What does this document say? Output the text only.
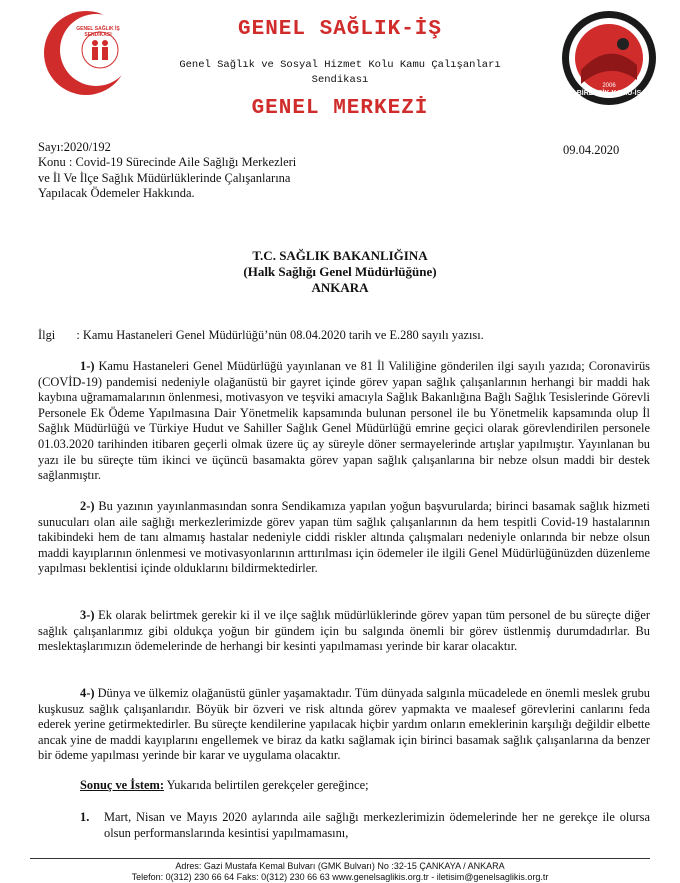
GENEL SAĞLIK İŞ SENDİKASI	GENEL SAĞLIK-İŞ
Genel Sağlık ve Sosyal Hizmet Kolu Kamu Çalışanları Sendikası
GENEL MERKEZİ
2006
BİRLEŞİK KAMU-İŞ
Sayı:2020/192	09.04.2020
Konu : Covid-19 Sürecinde Aile Sağlığı Merkezleri
ve İl Ve İlçe Sağlık Müdürlüklerinde Çalışanlarına
Yapılacak Ödemeler Hakkında.
T.C. SAĞLIK BAKANLIĞINA
(Halk Sağlığı Genel Müdürlüğüne)
ANKARA
İlgi : Kamu Hastaneleri Genel Müdürlüğü’nün 08.04.2020 tarih ve E.280 sayılı yazısı.
1-) Kamu Hastaneleri Genel Müdürlüğü yayınlanan ve 81 İl Valiliğine gönderilen ilgi sayılı yazıda; Coronavirüs (COVİD-19) pandemisi nedeniyle olağanüstü bir gayret içinde görev yapan sağlık çalışanlarının herhangi bir maddi hak kaybına uğramamalarının önlenmesi, motivasyon ve teşviki amacıyla Sağlık Bakanlığına Bağlı Sağlık Tesislerinde Görevli Personele Ek Ödeme Yapılmasına Dair Yönetmelik kapsamında bulunan personel ile bu Yönetmelik kapsamında olup İl Sağlık Müdürlüğü ve Türkiye Hudut ve Sahiller Sağlık Genel Müdürlüğü emrine geçici olarak görevlendirilen personele 01.03.2020 tarihinden itibaren geçerli olmak üzere üç ay süreyle döner sermayelerinde artışlar yapılmıştır. Yayınlanan bu yazı ile bu süreçte tüm ikinci ve üçüncü basamakta görev yapan sağlık çalışanlarına bir nebze olsun maddi bir destek sağlanmıştır.
2-) Bu yazının yayınlanmasından sonra Sendikamıza yapılan yoğun başvurularda; birinci basamak sağlık hizmeti sunucuları olan aile sağlığı merkezlerimizde görev yapan tüm sağlık çalışanlarının da hem tespitli Covid-19 hastalarının takibindeki hem de tanı almamış hastalar nedeniyle ciddi riskler altında çalışmaları nedeniyle onlarında bir nebze olsun maddi kayıplarının önlenmesi ve motivasyonlarının arttırılması için ödemeler ile ilgili Genel Müdürlüğünüzden düzenleme yapılması beklentisi içinde olduklarını bildirmektedirler.
3-) Ek olarak belirtmek gerekir ki il ve ilçe sağlık müdürlüklerinde görev yapan tüm personel de bu süreçte diğer sağlık çalışanlarımız gibi oldukça yoğun bir gündem için bu salgında önemli bir görev üstlenmiş durumdadırlar. Bu meslektaşlarımızın ödemelerinde de herhangi bir kesinti yapılmaması yerinde bir karar olacaktır.
4-) Dünya ve ülkemiz olağanüstü günler yaşamaktadır. Tüm dünyada salgınla mücadelede en önemli meslek grubu kuşkusuz sağlık çalışanlarıdır. Böyük bir özveri ve risk altında görev yapmakta ve maalesef görevlerini canlarını feda ederek yerine getirmektedirler. Bu süreçte kendilerine yapılacak hiçbir yardım onların emeklerinin karşılığı değildir elbette ancak yine de maddi kayıplarını engellemek ve biraz da katkı sağlamak için birinci basamak sağlık çalışanlarına da benzer bir ödeme yapılması yerinde bir karar ve uygulama olacaktır.
Sonuç ve İstem: Yukarıda belirtilen gerekçeler gereğince;
1. Mart, Nisan ve Mayıs 2020 aylarında aile sağlığı merkezlerimizin ödemelerinde her ne gerekçe ile olursa olsun performanslarında kesintisi yapılmamasını,
Adres: Gazi Mustafa Kemal Bulvarı (GMK Bulvarı) No :32-15 ÇANKAYA / ANKARA
Telefon: 0(312) 230 66 64 Faks: 0(312) 230 66 63 www.genelsaglikis.org.tr - iletisim@genelsaglikis.org.tr
